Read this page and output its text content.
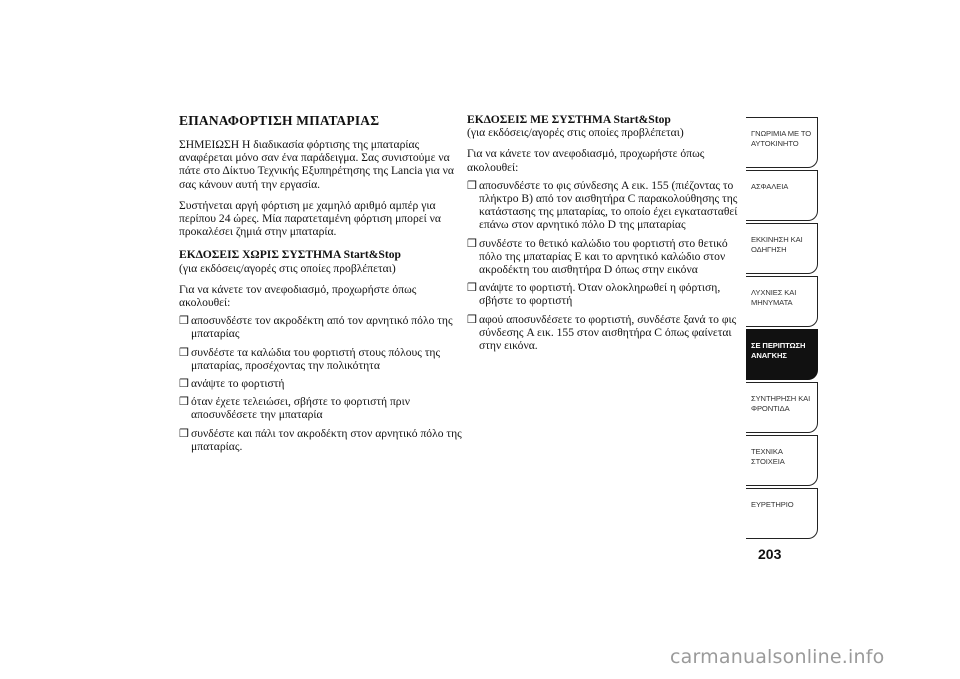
ΕΠΑΝΑΦΟΡΤΙΣΗ ΜΠΑΤΑΡΙΑΣ

ΣΗΜΕΙΩΣΗ Η διαδικασία φόρτισης της μπαταρίας αναφέρεται μόνο σαν ένα παράδειγμα. Σας συνιστούμε να πάτε στο Δίκτυο Τεχνικής Εξυπηρέτησης της Lancia για να σας κάνουν αυτή την εργασία.

Συστήνεται αργή φόρτιση με χαμηλό αριθμό αμπέρ για περίπου 24 ώρες. Μία παρατεταμένη φόρτιση μπορεί να προκαλέσει ζημιά στην μπαταρία.

ΕΚΔΟΣΕΙΣ ΧΩΡΙΣ ΣΥΣΤΗΜΑ Start&Stop
(για εκδόσεις/αγορές στις οποίες προβλέπεται)

Για να κάνετε τον ανεφοδιασμό, προχωρήστε όπως ακολουθεί:

❒ αποσυνδέστε τον ακροδέκτη από τον αρνητικό πόλο της μπαταρίας
❒ συνδέστε τα καλώδια του φορτιστή στους πόλους της μπαταρίας, προσέχοντας την πολικότητα
❒ ανάψτε το φορτιστή
❒ όταν έχετε τελειώσει, σβήστε το φορτιστή πριν αποσυνδέσετε την μπαταρία
❒ συνδέστε και πάλι τον ακροδέκτη στον αρνητικό πόλο της μπαταρίας.
ΕΚΔΟΣΕΙΣ ΜΕ ΣΥΣΤΗΜΑ Start&Stop
(για εκδόσεις/αγορές στις οποίες προβλέπεται)

Για να κάνετε τον ανεφοδιασμό, προχωρήστε όπως ακολουθεί:

❒ αποσυνδέστε το φις σύνδεσης A εικ. 155 (πιέζοντας το πλήκτρο B) από τον αισθητήρα C παρακολούθησης της κατάστασης της μπαταρίας, το οποίο έχει εγκατασταθεί επάνω στον αρνητικό πόλο D της μπαταρίας
❒ συνδέστε το θετικό καλώδιο του φορτιστή στο θετικό πόλο της μπαταρίας E και το αρνητικό καλώδιο στον ακροδέκτη του αισθητήρα D όπως στην εικόνα
❒ ανάψτε το φορτιστή. Όταν ολοκληρωθεί η φόρτιση, σβήστε το φορτιστή
❒ αφού αποσυνδέσετε το φορτιστή, συνδέστε ξανά το φις σύνδεσης A εικ. 155 στον αισθητήρα C όπως φαίνεται στην εικόνα.
ΓΝΩΡΙΜΙΑ ΜΕ ΤΟ ΑΥΤΟΚΙΝΗΤΟ
ΑΣΦΑΛΕΙΑ
ΕΚΚΙΝΗΣΗ ΚΑΙ ΟΔΗΓΗΣΗ
ΛΥΧΝΙΕΣ ΚΑΙ ΜΗΝΥΜΑΤΑ
ΣΕ ΠΕΡΙΠΤΩΣΗ ΑΝΑΓΚΗΣ
ΣΥΝΤΗΡΗΣΗ ΚΑΙ ΦΡΟΝΤΙΔΑ
ΤΕΧΝΙΚΑ ΣΤΟΙΧΕΙΑ
ΕΥΡΕΤΗΡΙΟ
203
carmanualsonline.info
